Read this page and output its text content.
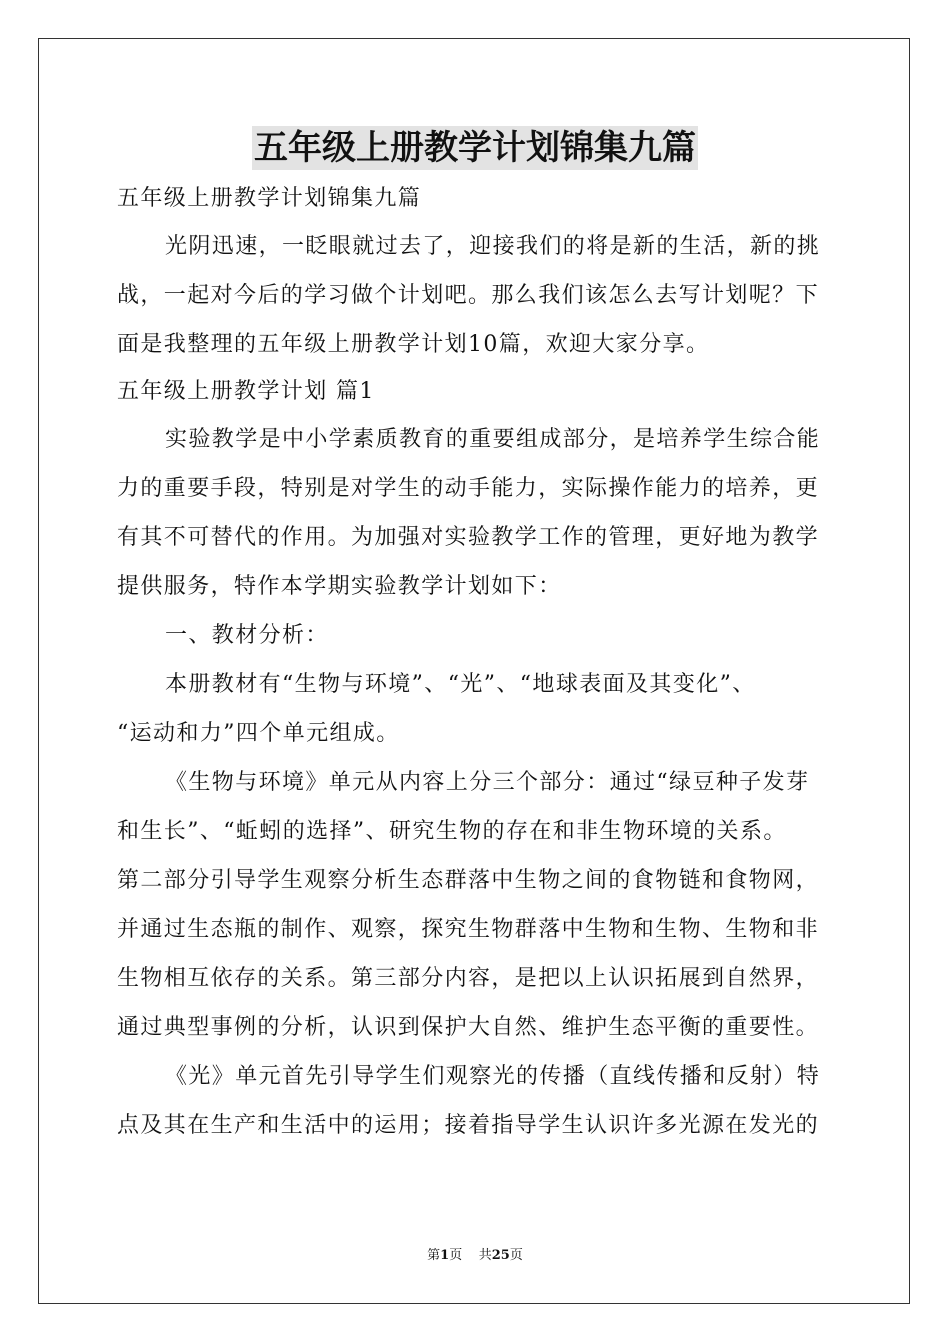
五年级上册教学计划锦集九篇

五年级上册教学计划锦集九篇

光阴迅速，一眨眼就过去了，迎接我们的将是新的生活，新的挑

战，一起对今后的学习做个计划吧。那么我们该怎么去写计划呢？下

面是我整理的五年级上册教学计划10篇，欢迎大家分享。

五年级上册教学计划 篇1

实验教学是中小学素质教育的重要组成部分，是培养学生综合能

力的重要手段，特别是对学生的动手能力，实际操作能力的培养，更

有其不可替代的作用。为加强对实验教学工作的管理，更好地为教学

提供服务，特作本学期实验教学计划如下：

一、教材分析：

本册教材有“生物与环境”、“光”、“地球表面及其变化”、

“运动和力”四个单元组成。

《生物与环境》单元从内容上分三个部分：通过“绿豆种子发芽

和生长”、“蚯蚓的选择”、研究生物的存在和非生物环境的关系。

第二部分引导学生观察分析生态群落中生物之间的食物链和食物网，

并通过生态瓶的制作、观察，探究生物群落中生物和生物、生物和非

生物相互依存的关系。第三部分内容，是把以上认识拓展到自然界，

通过典型事例的分析，认识到保护大自然、维护生态平衡的重要性。

《光》单元首先引导学生们观察光的传播（直线传播和反射）特

点及其在生产和生活中的运用；接着指导学生认识许多光源在发光的

第1页 共25页
